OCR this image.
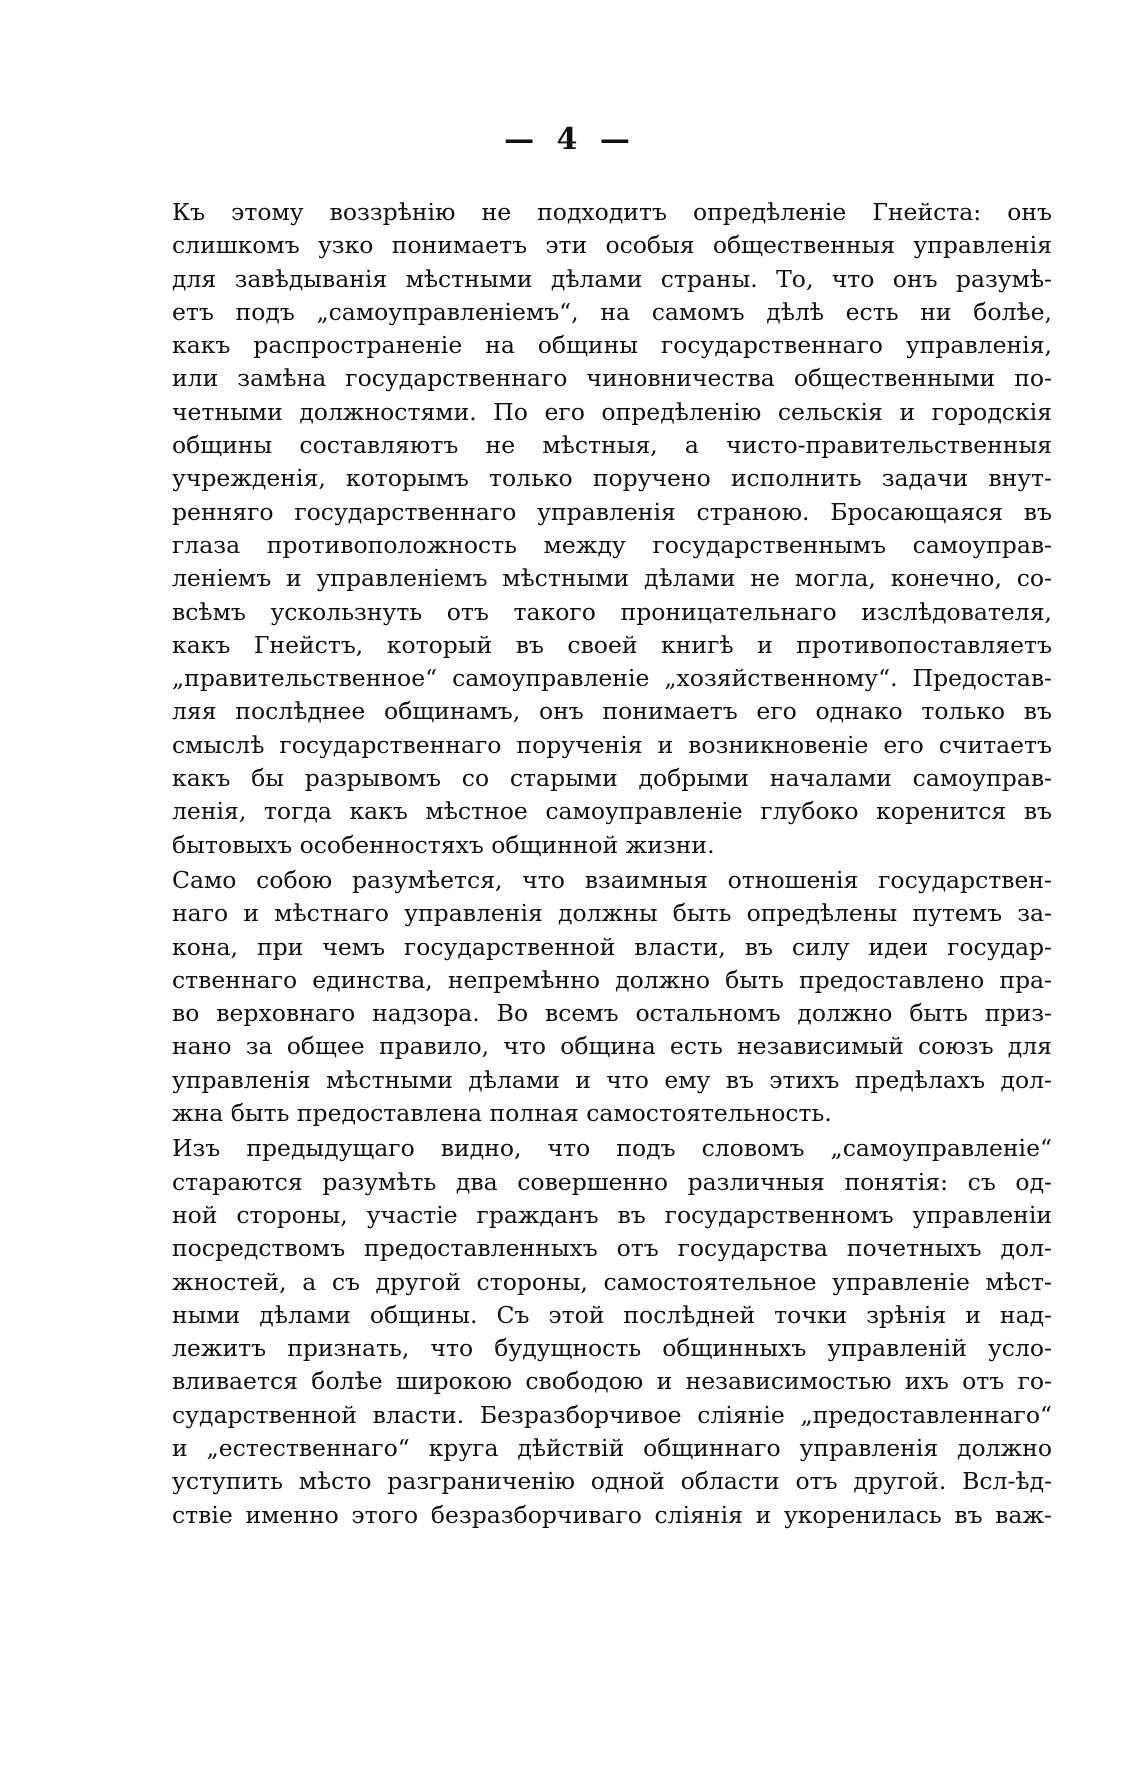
— 4 —
Къ этому воззрѣнію не подходитъ опредѣленіе Гнейста: онъ
слишкомъ узко понимаетъ эти особыя общественныя управленія
для завѣдыванія мѣстными дѣлами страны. То, что онъ разумѣ-
етъ подъ „самоуправленіемъ“, на самомъ дѣлѣ есть ни болѣе,
какъ распространеніе на общины государственнаго управленія,
или замѣна государственнаго чиновничества общественными по-
четными должностями. По его опредѣленію сельскія и городскія
общины составляютъ не мѣстныя, а чисто-правительственныя
учрежденія, которымъ только поручено исполнить задачи внут-
ренняго государственнаго управленія страною. Бросающаяся въ
глаза противоположность между государственнымъ самоуправ-
леніемъ и управленіемъ мѣстными дѣлами не могла, конечно, со-
всѣмъ ускользнуть отъ такого проницательнаго изслѣдователя,
какъ Гнейстъ, который въ своей книгѣ и противопоставляетъ
„правительственное“ самоуправленіе „хозяйственному“. Предостав-
ляя послѣднее общинамъ, онъ понимаетъ его однако только въ
смыслѣ государственнаго порученія и возникновеніе его считаетъ
какъ бы разрывомъ со старыми добрыми началами самоуправ-
ленія, тогда какъ мѣстное самоуправленіе глубоко коренится въ
бытовыхъ особенностяхъ общинной жизни.
Само собою разумѣется, что взаимныя отношенія государствен-
наго и мѣстнаго управленія должны быть опредѣлены путемъ за-
кона, при чемъ государственной власти, въ силу идеи государ-
ственнаго единства, непремѣнно должно быть предоставлено пра-
во верховнаго надзора. Во всемъ остальномъ должно быть приз-
нано за общее правило, что община есть независимый союзъ для
управленія мѣстными дѣлами и что ему въ этихъ предѣлахъ дол-
жна быть предоставлена полная самостоятельность.
Изъ предыдущаго видно, что подъ словомъ „самоуправленіе“
стараются разумѣть два совершенно различныя понятія: съ од-
ной стороны, участіе гражданъ въ государственномъ управленіи
посредствомъ предоставленныхъ отъ государства почетныхъ дол-
жностей, а съ другой стороны, самостоятельное управленіе мѣст-
ными дѣлами общины. Съ этой послѣдней точки зрѣнія и над-
лежитъ признать, что будущность общинныхъ управленій усло-
вливается болѣе широкою свободою и независимостью ихъ отъ го-
сударственной власти. Безразборчивое сліяніе „предоставленнаго“
и „естественнаго“ круга дѣйствій общиннаго управленія должно
уступить мѣсто разграниченію одной области отъ другой. Всл-ѣд-
ствіе именно этого безразборчиваго сліянія и укоренилась въ важ-
